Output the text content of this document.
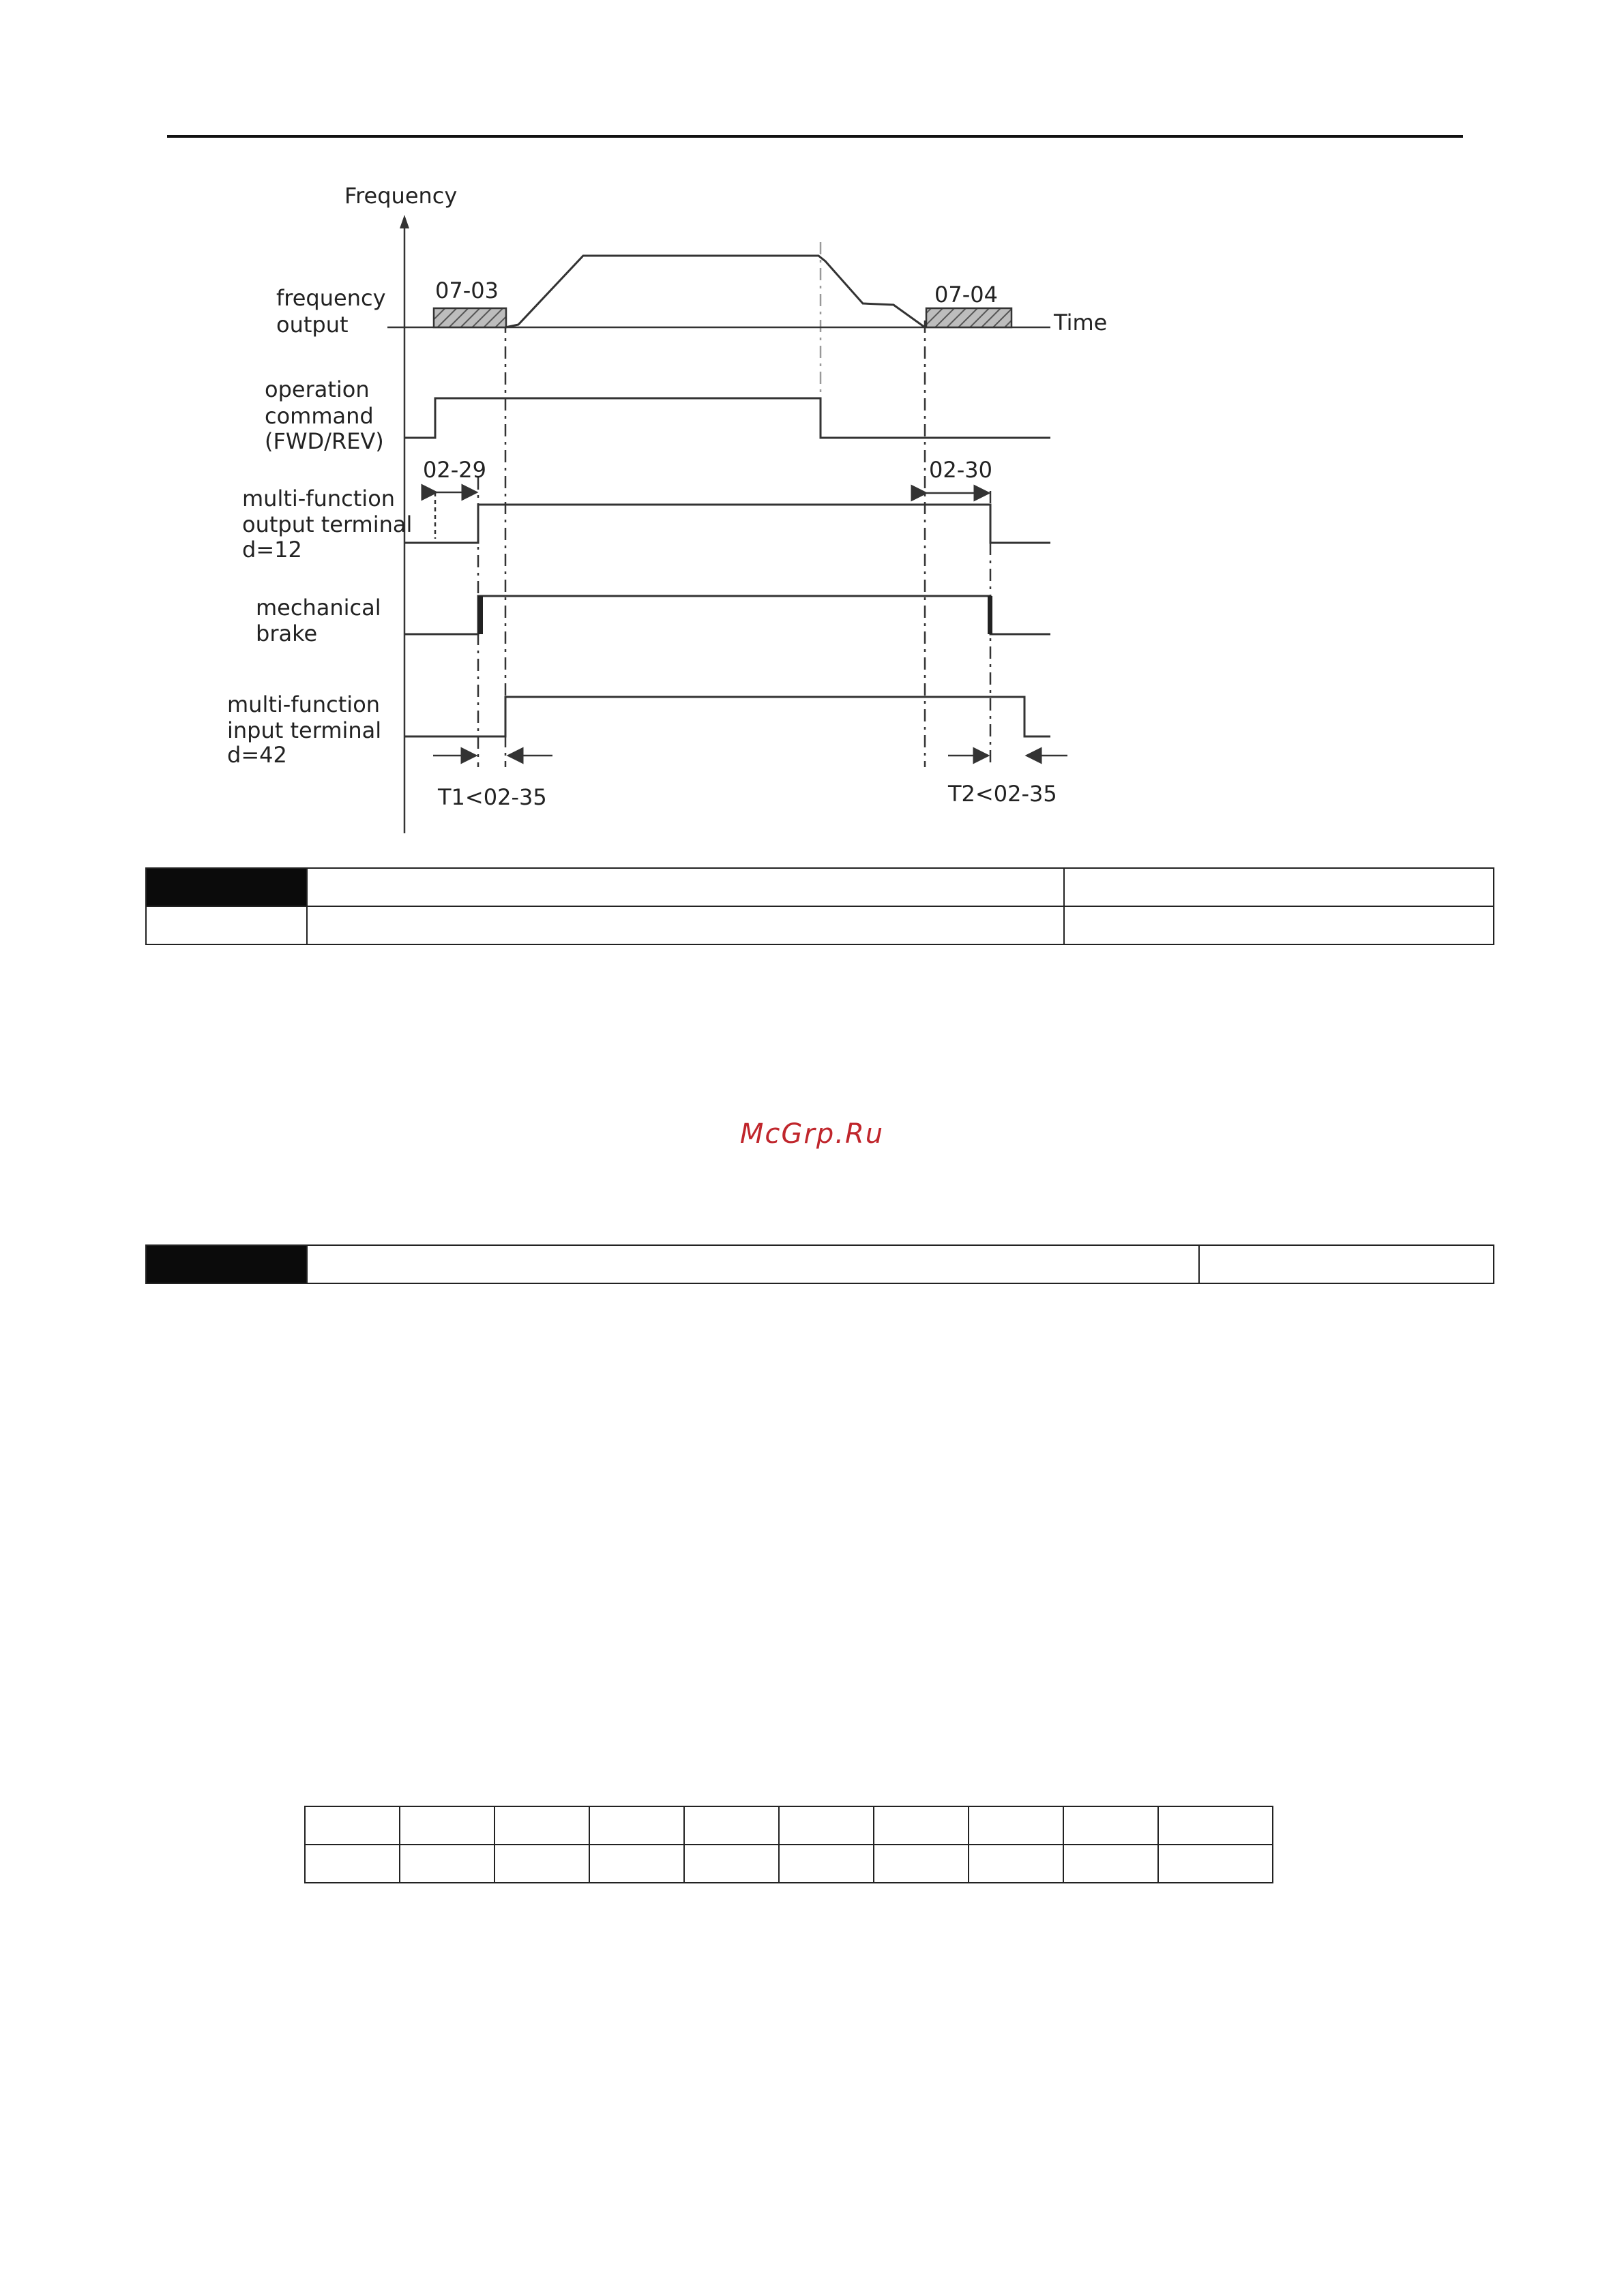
Frequency
frequency
output
07-03	07-04
Time
operation
command
(FWD/REV)
multi-function
output terminal
d=12
02-29	02-30
mechanical
brake
multi-function
input terminal
d=42
T1<02-35	T2<02-35

McGrp.Ru
